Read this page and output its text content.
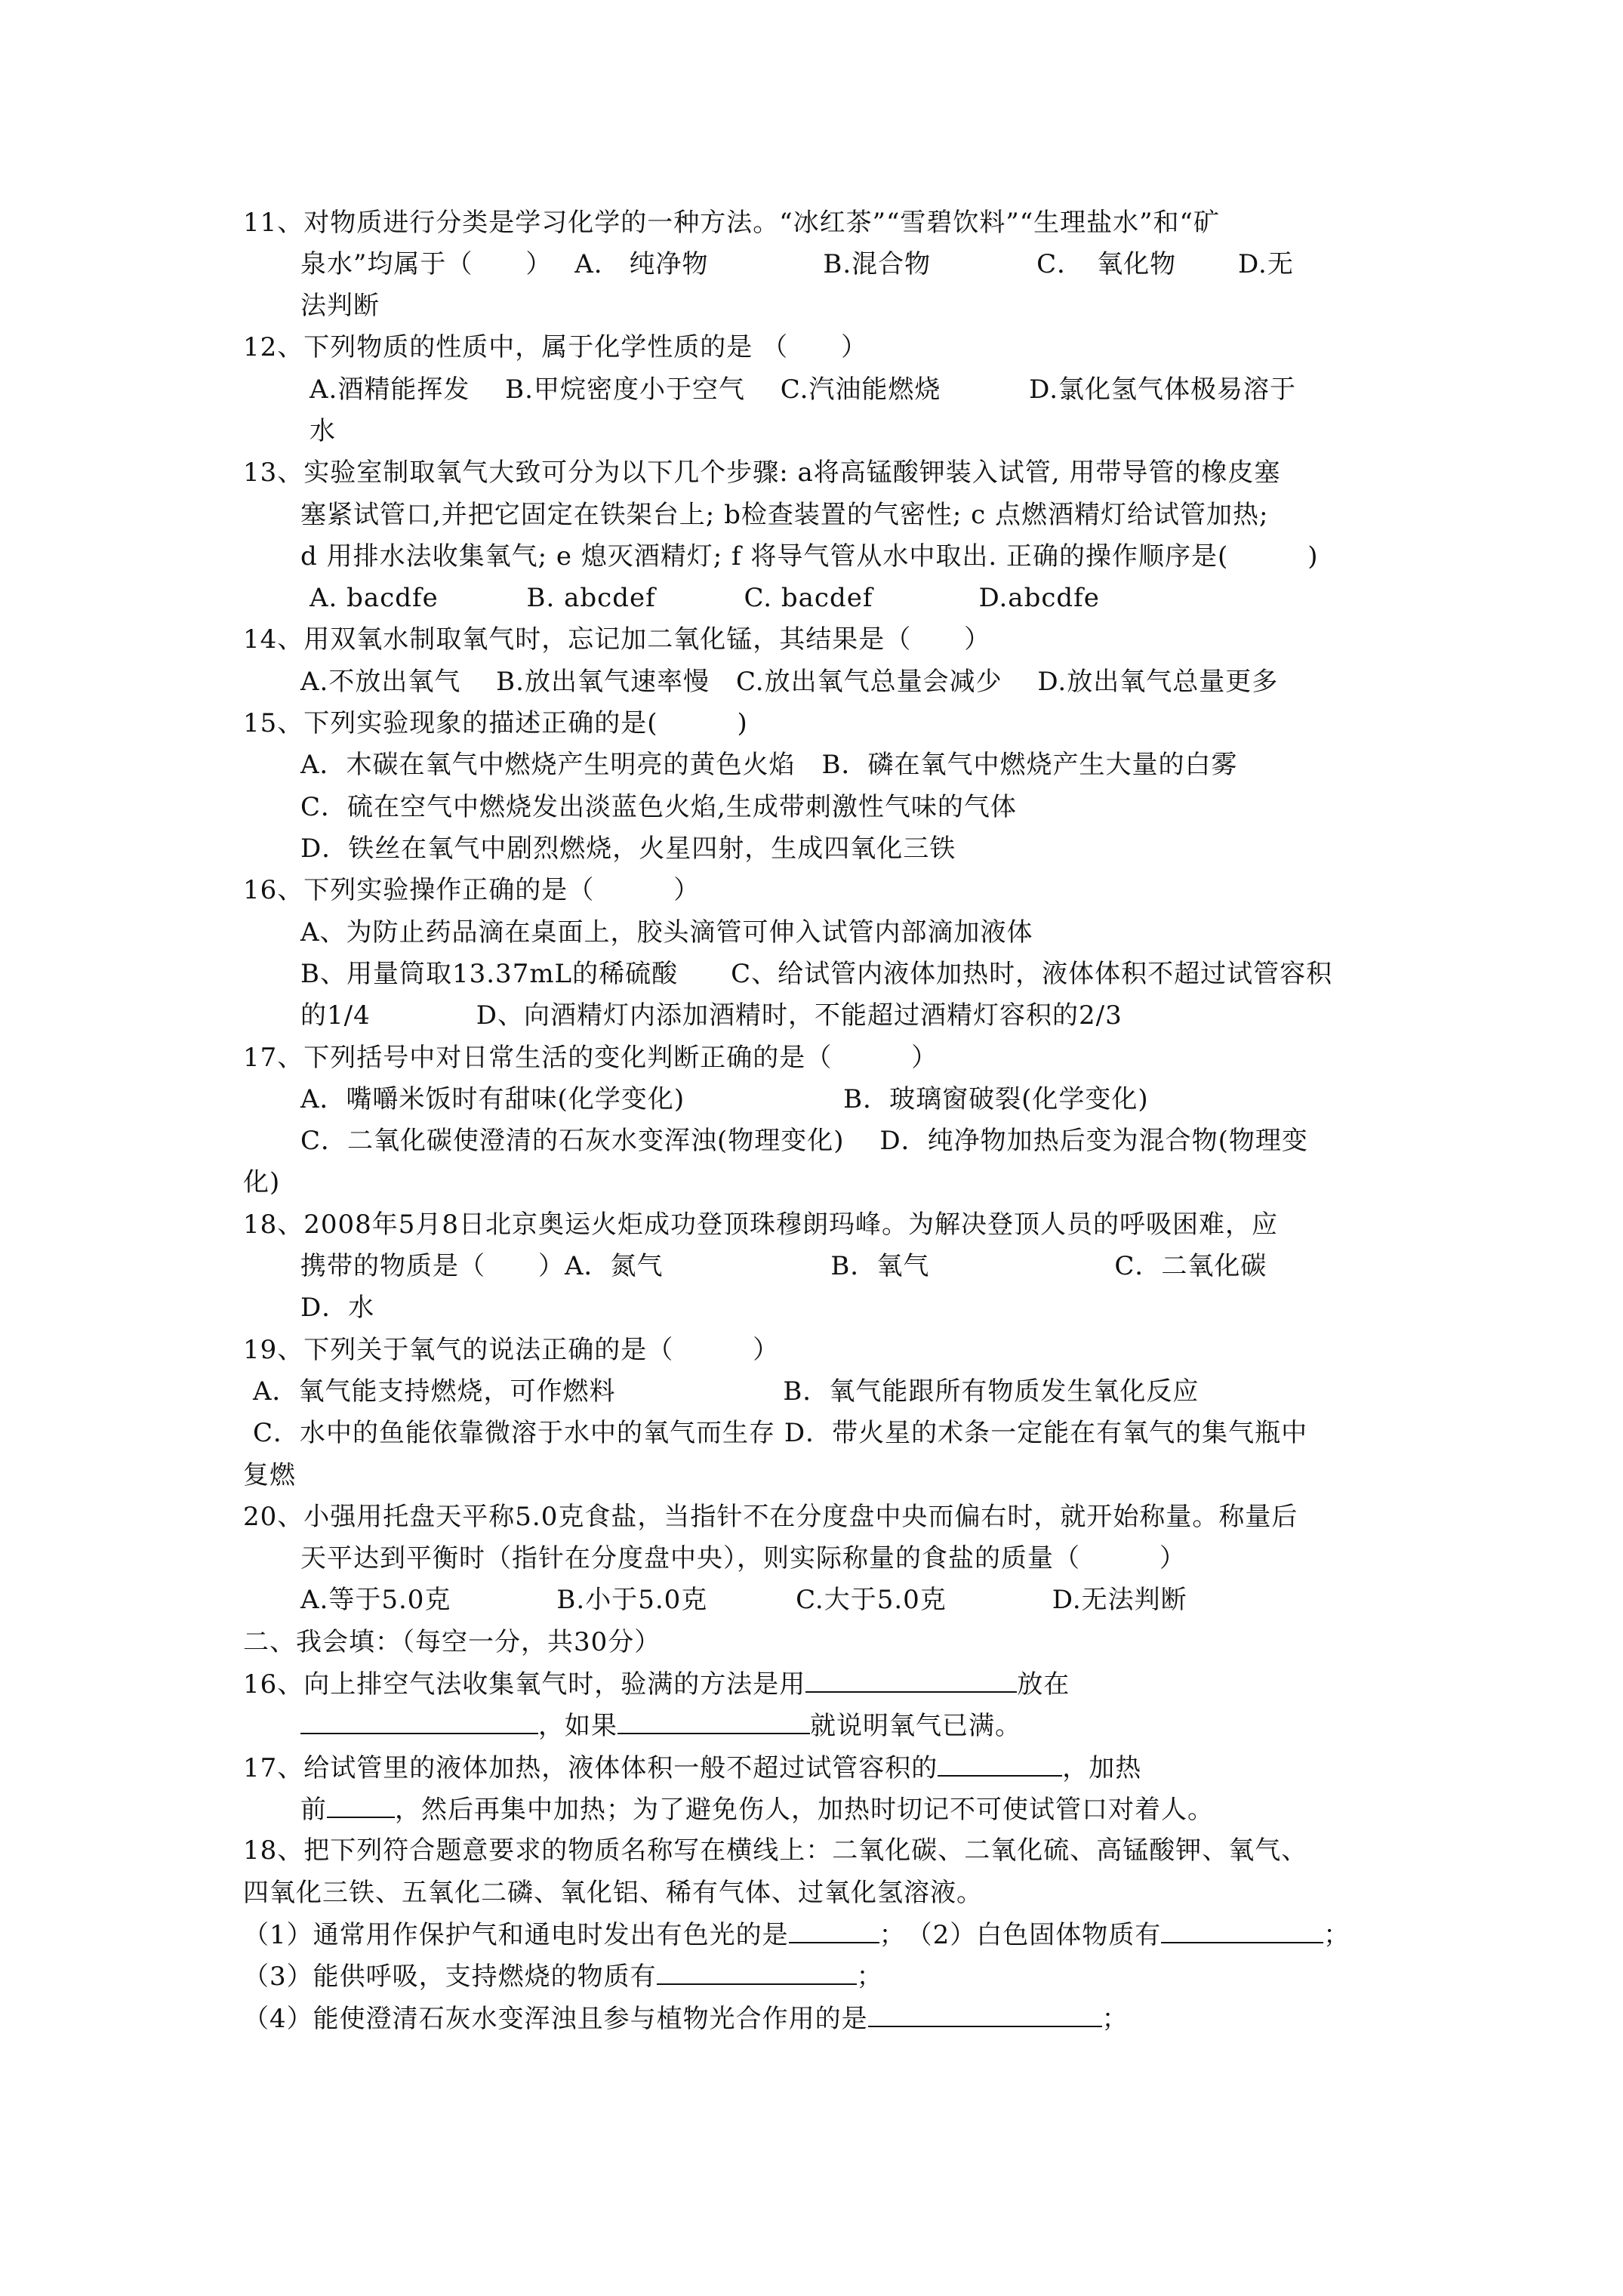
11、对物质进行分类是学习化学的一种方法。“冰红茶”“雪碧饮料”“生理盐水”和“矿
泉水”均属于（　　）　 A.　纯净物　　　　 B.混合物　　　　C．　氧化物　　 D.无
法判断
12、下列物质的性质中，属于化学性质的是 （　　）
A.酒精能挥发　 B.甲烷密度小于空气　 C.汽油能燃烧　　　 D.氯化氢气体极易溶于
水
13、实验室制取氧气大致可分为以下几个步骤: a将高锰酸钾装入试管, 用带导管的橡皮塞
塞紧试管口,并把它固定在铁架台上; b检查装置的气密性; c 点燃酒精灯给试管加热;
d 用排水法收集氧气; e 熄灭酒精灯; f 将导气管从水中取出. 正确的操作顺序是(　　　)
A. bacdfe　　　 B. abcdef　　　 C. bacdef　　　　D.abcdfe
14、用双氧水制取氧气时，忘记加二氧化锰，其结果是（　　）
A.不放出氧气　 B.放出氧气速率慢　C.放出氧气总量会减少　 D.放出氧气总量更多
15、下列实验现象的描述正确的是(　　　)
A．木碳在氧气中燃烧产生明亮的黄色火焰　B．磷在氧气中燃烧产生大量的白雾
C．硫在空气中燃烧发出淡蓝色火焰,生成带刺激性气味的气体
D．铁丝在氧气中剧烈燃烧，火星四射，生成四氧化三铁
16、下列实验操作正确的是（　　　）
A、为防止药品滴在桌面上，胶头滴管可伸入试管内部滴加液体
B、用量筒取13.37mL的稀硫酸　　C、给试管内液体加热时，液体体积不超过试管容积
的1/4　　　　D、向酒精灯内添加酒精时，不能超过酒精灯容积的2/3
17、下列括号中对日常生活的变化判断正确的是（　　　）
A．嘴嚼米饭时有甜味(化学变化)　　　　　　B．玻璃窗破裂(化学变化)
C．二氧化碳使澄清的石灰水变浑浊(物理变化)　 D．纯净物加热后变为混合物(物理变
化)
18、2008年5月8日北京奥运火炬成功登顶珠穆朗玛峰。为解决登顶人员的呼吸困难，应
携带的物质是（　　）A．氮气　　　　　　 B．氧气　　　　　　　C．二氧化碳
D．水
19、下列关于氧气的说法正确的是（　　　）
A．氧气能支持燃烧，可作燃料　　　　　　 B．氧气能跟所有物质发生氧化反应
C．水中的鱼能依靠微溶于水中的氧气而生存 D．带火星的术条一定能在有氧气的集气瓶中
复燃
20、小强用托盘天平称5.0克食盐，当指针不在分度盘中央而偏右时，就开始称量。称量后
天平达到平衡时（指针在分度盘中央），则实际称量的食盐的质量（　　　）
A.等于5.0克　　　　B.小于5.0克　　　 C.大于5.0克　　　　D.无法判断
二、我会填：（每空一分，共30分）
16、向上排空气法收集氧气时，验满的方法是用	放在
，如果	就说明氧气已满。
17、给试管里的液体加热，液体体积一般不超过试管容积的	，加热
前	，然后再集中加热；为了避免伤人，加热时切记不可使试管口对着人。
18、把下列符合题意要求的物质名称写在横线上：二氧化碳、二氧化硫、高锰酸钾、氧气、
四氧化三铁、五氧化二磷、氧化铝、稀有气体、过氧化氢溶液。
（1）通常用作保护气和通电时发出有色光的是	；　（2）白色固体物质有	；
（3）能供呼吸，支持燃烧的物质有	；
（4）能使澄清石灰水变浑浊且参与植物光合作用的是	；
